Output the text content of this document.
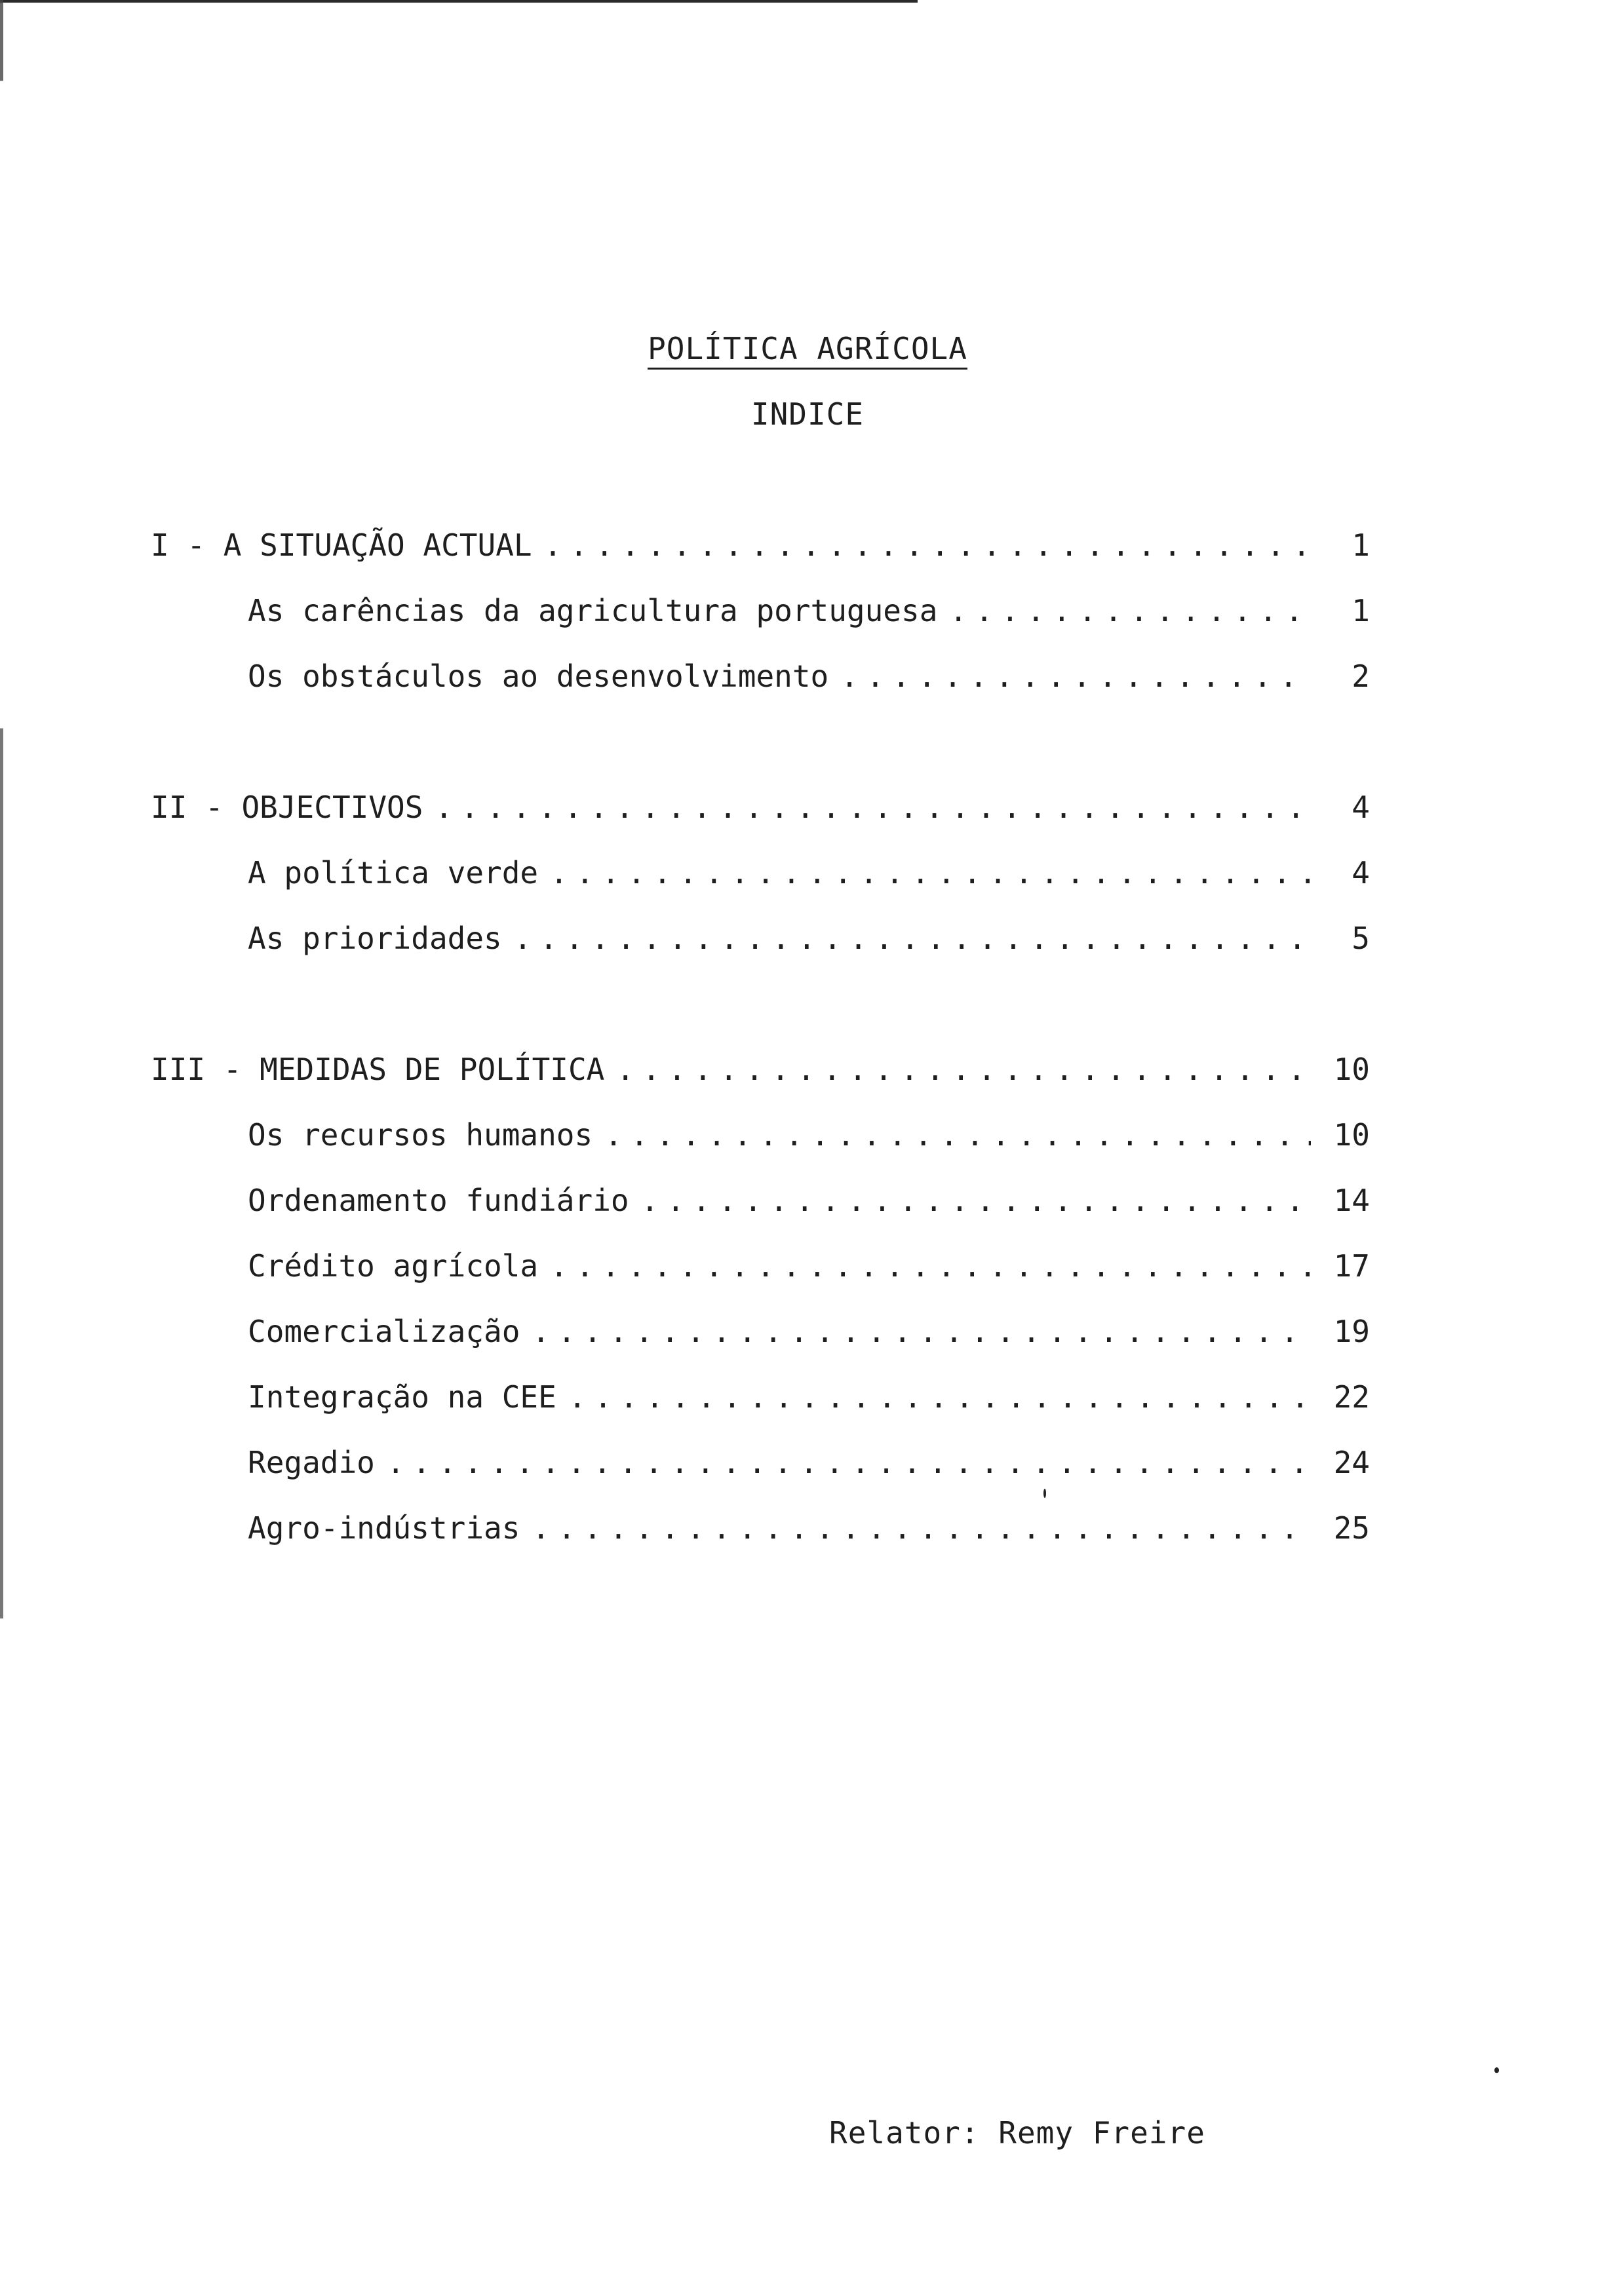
POLÍTICA AGRÍCOLA
INDICE
I - A SITUAÇÃO ACTUAL . . .	1
As carências da agricultura portuguesa . . .	1
Os obstáculos ao desenvolvimento . . .	2
II - OBJECTIVOS . . .	4
A política verde . . .	4
As prioridades . . .	5
III - MEDIDAS DE POLÍTICA . . .	10
Os recursos humanos . . .	10
Ordenamento fundiário . . .	14
Crédito agrícola . . .	17
Comercialização . . .	19
Integração na CEE . . .	22
Regadio . . .	24
Agro-indústrias . . .	25
Relator: Remy Freire
